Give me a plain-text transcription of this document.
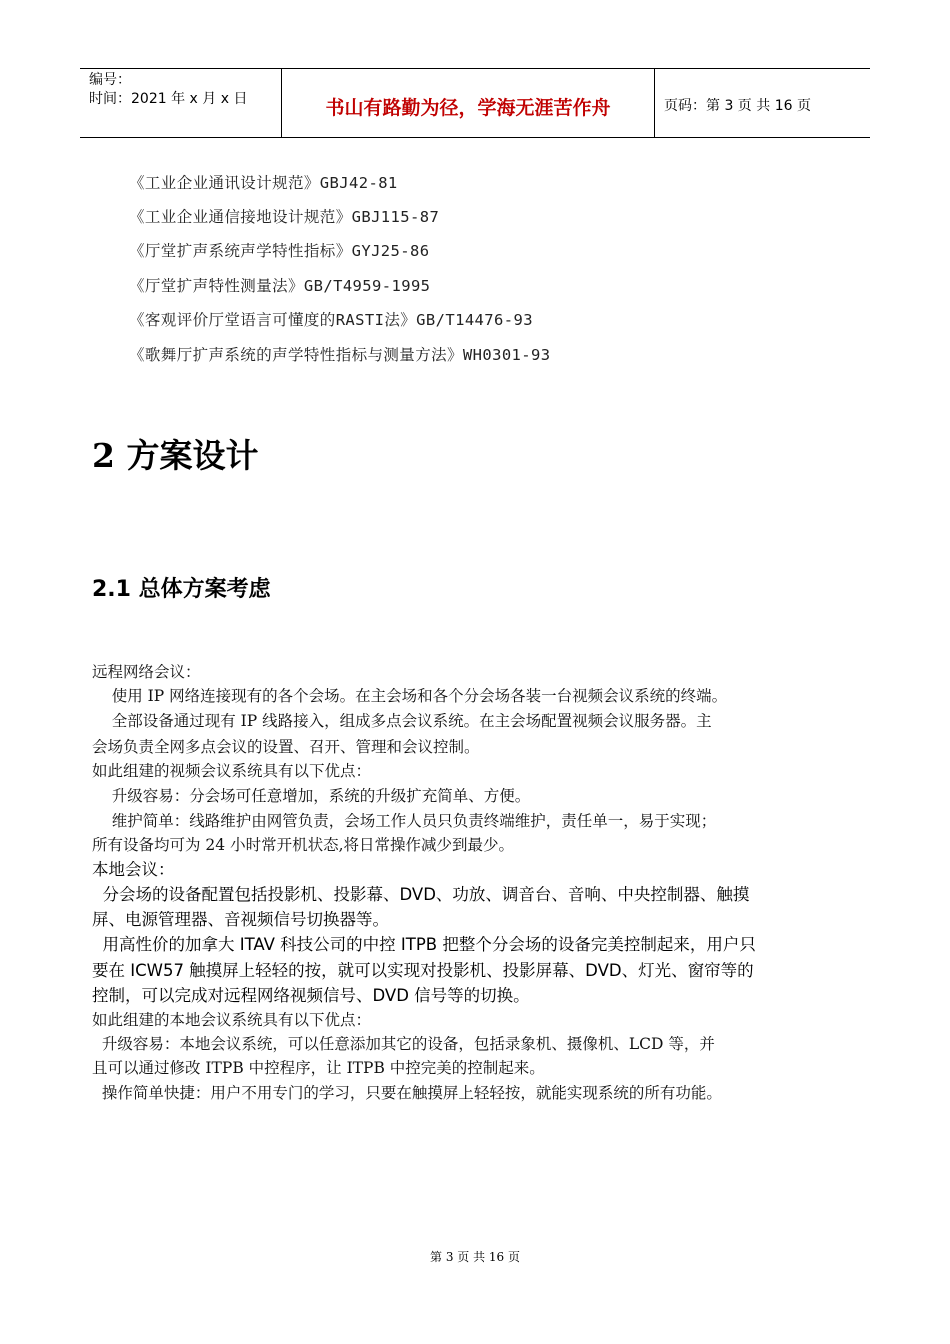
编号：
时间：2021 年 x 月 x 日	书山有路勤为径，学海无涯苦作舟	页码：第 3 页 共 16 页
《工业企业通讯设计规范》GBJ42-81
《工业企业通信接地设计规范》GBJ115-87
《厅堂扩声系统声学特性指标》GYJ25-86
《厅堂扩声特性测量法》GB/T4959-1995
《客观评价厅堂语言可懂度的RASTI法》GB/T14476-93
《歌舞厅扩声系统的声学特性指标与测量方法》WH0301-93
2 方案设计
2.1 总体方案考虑
远程网络会议：
使用 IP 网络连接现有的各个会场。在主会场和各个分会场各装一台视频会议系统的终端。
全部设备通过现有 IP 线路接入，组成多点会议系统。在主会场配置视频会议服务器。主
会场负责全网多点会议的设置、召开、管理和会议控制。
如此组建的视频会议系统具有以下优点：
升级容易：分会场可任意增加，系统的升级扩充简单、方便。
维护简单：线路维护由网管负责，会场工作人员只负责终端维护，责任单一，易于实现；
所有设备均可为 24 小时常开机状态,将日常操作减少到最少。
本地会议：
分会场的设备配置包括投影机、投影幕、DVD、功放、调音台、音响、中央控制器、触摸
屏、电源管理器、音视频信号切换器等。
用高性价的加拿大 ITAV 科技公司的中控 ITPB 把整个分会场的设备完美控制起来，用户只
要在 ICW57 触摸屏上轻轻的按，就可以实现对投影机、投影屏幕、DVD、灯光、窗帘等的
控制，可以完成对远程网络视频信号、DVD 信号等的切换。
如此组建的本地会议系统具有以下优点：
升级容易：本地会议系统，可以任意添加其它的设备，包括录象机、摄像机、LCD 等，并
且可以通过修改 ITPB 中控程序，让 ITPB 中控完美的控制起来。
操作简单快捷：用户不用专门的学习，只要在触摸屏上轻轻按，就能实现系统的所有功能。
第 3 页 共 16 页
